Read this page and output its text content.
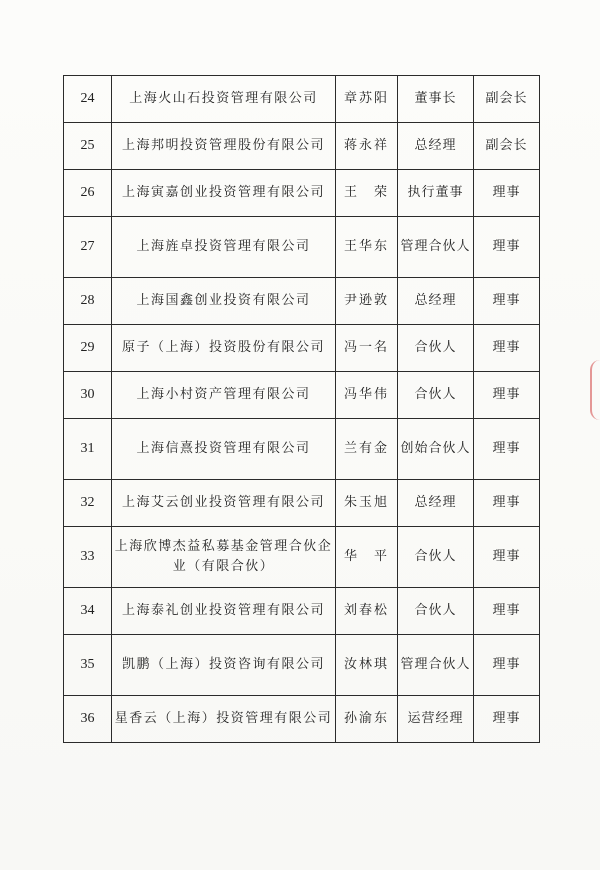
24	上海火山石投资管理有限公司	章苏阳	董事长	副会长
25	上海邦明投资管理股份有限公司	蒋永祥	总经理	副会长
26	上海寅嘉创业投资管理有限公司	王　荣	执行董事	理事
27	上海旌卓投资管理有限公司	王华东	管理合伙人	理事
28	上海国鑫创业投资有限公司	尹逊敦	总经理	理事
29	原子（上海）投资股份有限公司	冯一名	合伙人	理事
30	上海小村资产管理有限公司	冯华伟	合伙人	理事
31	上海信熹投资管理有限公司	兰有金	创始合伙人	理事
32	上海艾云创业投资管理有限公司	朱玉旭	总经理	理事
33	上海欣博杰益私募基金管理合伙企业（有限合伙）	华　平	合伙人	理事
34	上海泰礼创业投资管理有限公司	刘春松	合伙人	理事
35	凯鹏（上海）投资咨询有限公司	汝林琪	管理合伙人	理事
36	星香云（上海）投资管理有限公司	孙渝东	运营经理	理事
